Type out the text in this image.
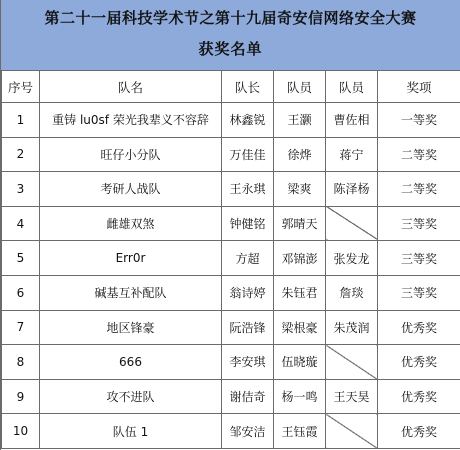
第二十一届科技学术节之第十九届奇安信网络安全大赛
获奖名单
序号	队名	队长	队员	队员	奖项
1	重铸 lu0sf 荣光我辈义不容辞	林鑫锐	王灏	曹佐相	一等奖
2	旺仔小分队	万佳佳	徐烨	蒋宁	二等奖
3	考研人战队	王永琪	梁爽	陈泽杨	二等奖
4	雌雄双煞	钟健铭	郭晴天		三等奖
5	Err0r	方超	邓锦澎	张发龙	三等奖
6	碱基互补配队	翁诗婷	朱钰君	詹琰	三等奖
7	地区锋豪	阮浩锋	梁根豪	朱茂润	优秀奖
8	666	李安琪	伍晓璇		优秀奖
9	攻不进队	谢佶奇	杨一鸣	王天昊	优秀奖
10	队伍 1	邹安洁	王钰霞		优秀奖
